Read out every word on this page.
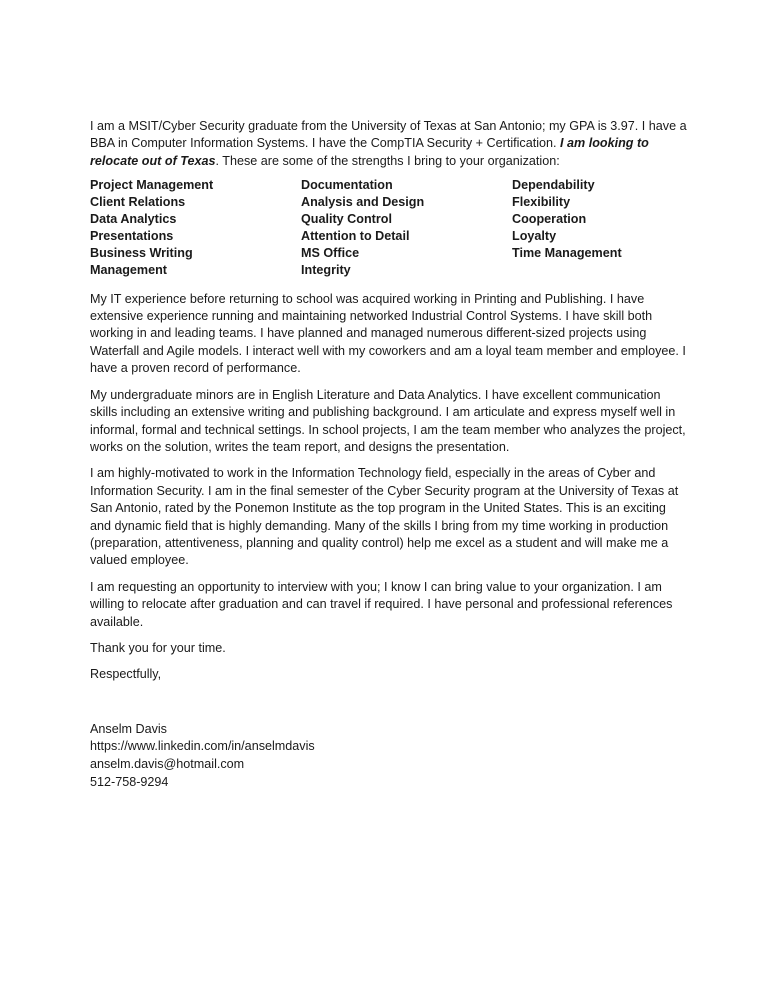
I am a MSIT/Cyber Security graduate from the University of Texas at San Antonio; my GPA is 3.97. I have a BBA in Computer Information Systems. I have the CompTIA Security + Certification. I am looking to relocate out of Texas. These are some of the strengths I bring to your organization:

Project Management
Client Relations
Data Analytics
Presentations
Business Writing
Management
Documentation
Analysis and Design
Quality Control
Attention to Detail
MS Office
Integrity
Dependability
Flexibility
Cooperation
Loyalty
Time Management

My IT experience before returning to school was acquired working in Printing and Publishing. I have extensive experience running and maintaining networked Industrial Control Systems. I have skill both working in and leading teams. I have planned and managed numerous different-sized projects using Waterfall and Agile models. I interact well with my coworkers and am a loyal team member and employee. I have a proven record of performance.

My undergraduate minors are in English Literature and Data Analytics. I have excellent communication skills including an extensive writing and publishing background. I am articulate and express myself well in informal, formal and technical settings. In school projects, I am the team member who analyzes the project, works on the solution, writes the team report, and designs the presentation.

I am highly-motivated to work in the Information Technology field, especially in the areas of Cyber and Information Security. I am in the final semester of the Cyber Security program at the University of Texas at San Antonio, rated by the Ponemon Institute as the top program in the United States. This is an exciting and dynamic field that is highly demanding. Many of the skills I bring from my time working in production (preparation, attentiveness, planning and quality control) help me excel as a student and will make me a valued employee.

I am requesting an opportunity to interview with you; I know I can bring value to your organization. I am willing to relocate after graduation and can travel if required. I have personal and professional references available.

Thank you for your time.

Respectfully,

Anselm Davis
https://www.linkedin.com/in/anselmdavis
anselm.davis@hotmail.com
512-758-9294
